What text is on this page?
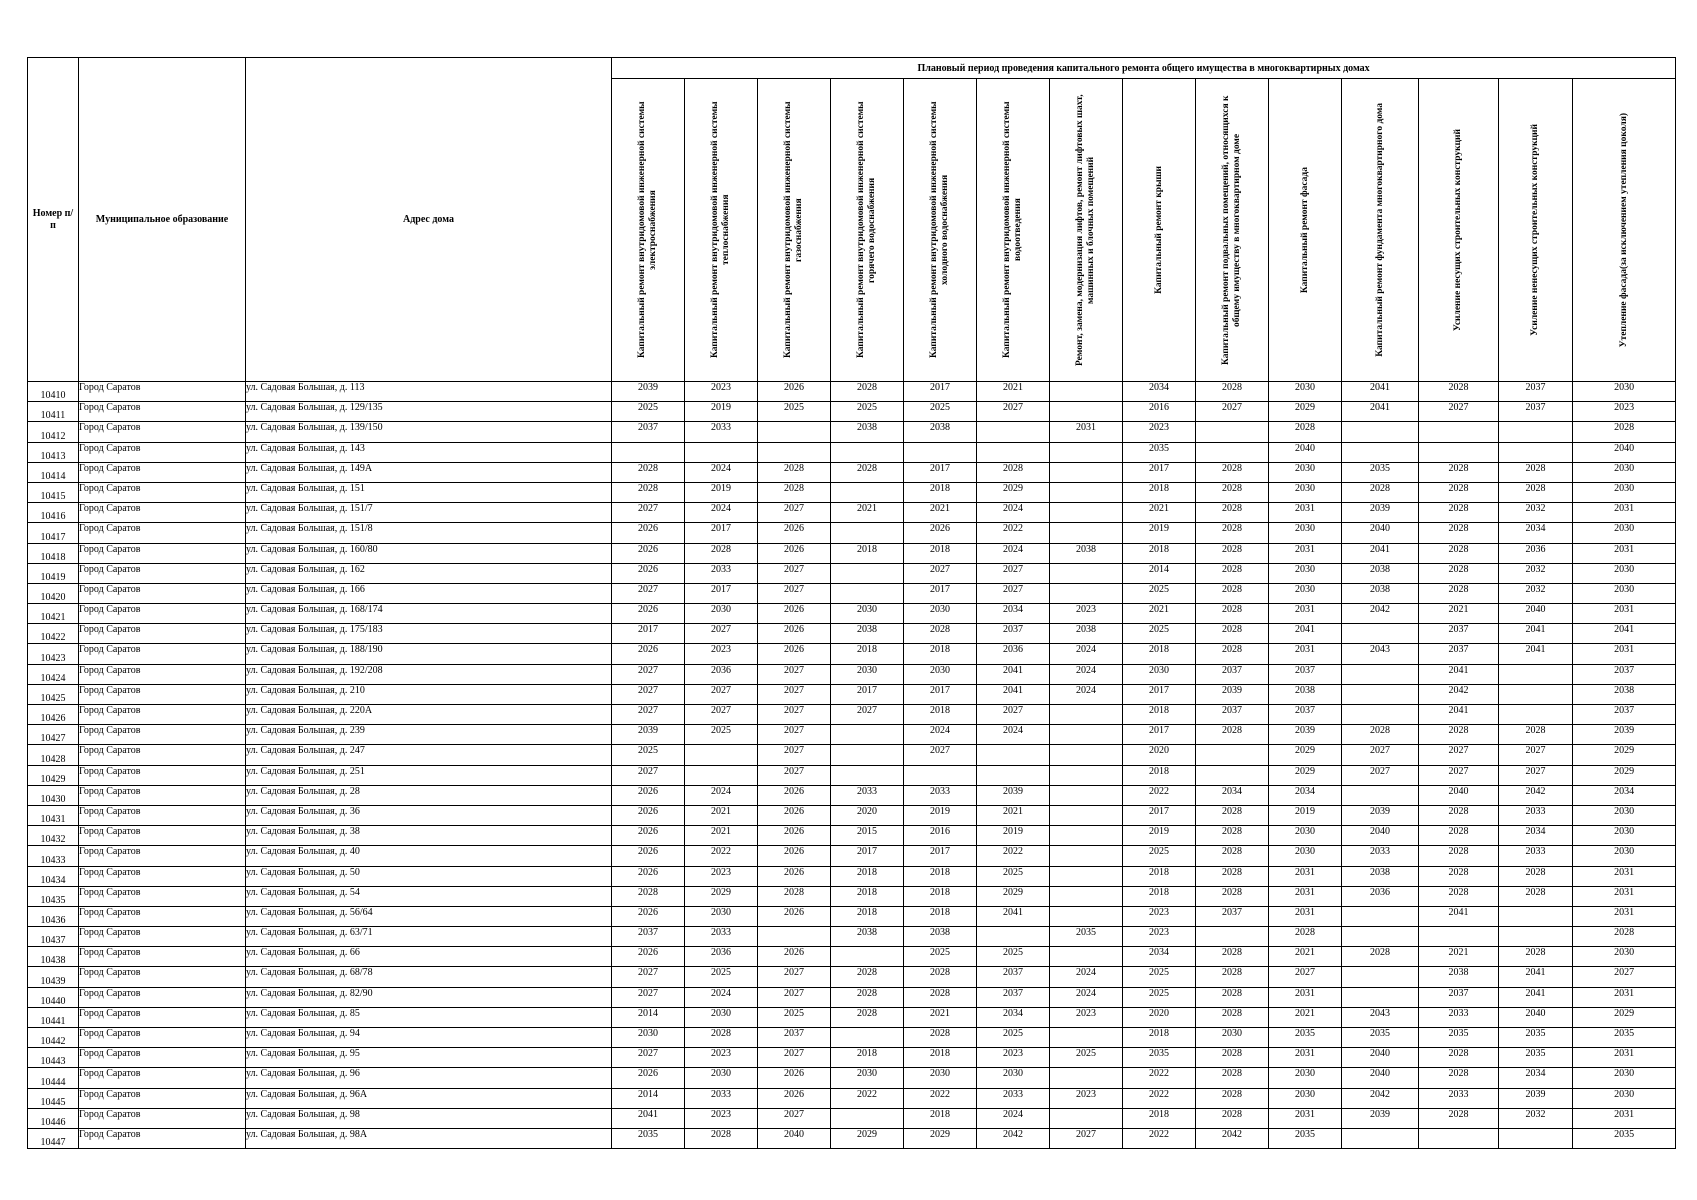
Номер п/п	Муниципальное образование	Адрес дома	Плановый период проведения капитального ремонта общего имущества в многоквартирных домах													

			Капитальный ремонт внутридомовой инженерной системы электроснабжения	Капитальный ремонт внутридомовой инженерной системы теплоснабжения	Капитальный ремонт внутридомовой инженерной системы газоснабжения	Капитальный ремонт внутридомовой инженерной системы горячего водоснабжения	Капитальный ремонт внутридомовой инженерной системы холодного водоснабжения	Капитальный ремонт внутридомовой инженерной системы водоотведения	Ремонт, замена, модернизация лифтов, ремонт лифтовых шахт, машинных и блочных помещений	Капитальный ремонт крыши	Капитальный ремонт подвальных помещений, относящихся к общему имуществу в многоквартирном доме	Капитальный ремонт фасада	Капитальный ремонт фундамента многоквартирного дома	Усиление несущих строительных конструкций	Усиление ненесущих строительных конструкций	Утепление фасада(за исключением утепления цоколя)

10410	Город Саратов	ул. Садовая Большая, д. 113	2039	2023	2026	2028	2017	2021		2034	2028	2030	2041	2028	2037	2030
10411	Город Саратов	ул. Садовая Большая, д. 129/135	2025	2019	2025	2025	2025	2027		2016	2027	2029	2041	2027	2037	2023
10412	Город Саратов	ул. Садовая Большая, д. 139/150	2037	2033		2038	2038		2031	2023		2028				2028
10413	Город Саратов	ул. Садовая Большая, д. 143								2035		2040				2040
10414	Город Саратов	ул. Садовая Большая, д. 149А	2028	2024	2028	2028	2017	2028		2017	2028	2030	2035	2028	2028	2030
10415	Город Саратов	ул. Садовая Большая, д. 151	2028	2019	2028		2018	2029		2018	2028	2030	2028	2028	2028	2030
10416	Город Саратов	ул. Садовая Большая, д. 151/7	2027	2024	2027	2021	2021	2024		2021	2028	2031	2039	2028	2032	2031
10417	Город Саратов	ул. Садовая Большая, д. 151/8	2026	2017	2026		2026	2022		2019	2028	2030	2040	2028	2034	2030
10418	Город Саратов	ул. Садовая Большая, д. 160/80	2026	2028	2026	2018	2018	2024	2038	2018	2028	2031	2041	2028	2036	2031
10419	Город Саратов	ул. Садовая Большая, д. 162	2026	2033	2027		2027	2027		2014	2028	2030	2038	2028	2032	2030
10420	Город Саратов	ул. Садовая Большая, д. 166	2027	2017	2027		2017	2027		2025	2028	2030	2038	2028	2032	2030
10421	Город Саратов	ул. Садовая Большая, д. 168/174	2026	2030	2026	2030	2030	2034	2023	2021	2028	2031	2042	2021	2040	2031
10422	Город Саратов	ул. Садовая Большая, д. 175/183	2017	2027	2026	2038	2028	2037	2038	2025	2028	2041		2037	2041	2041
10423	Город Саратов	ул. Садовая Большая, д. 188/190	2026	2023	2026	2018	2018	2036	2024	2018	2028	2031	2043	2037	2041	2031
10424	Город Саратов	ул. Садовая Большая, д. 192/208	2027	2036	2027	2030	2030	2041	2024	2030	2037	2037		2041		2037
10425	Город Саратов	ул. Садовая Большая, д. 210	2027	2027	2027	2017	2017	2041	2024	2017	2039	2038		2042		2038
10426	Город Саратов	ул. Садовая Большая, д. 220А	2027	2027	2027	2027	2018	2027		2018	2037	2037		2041		2037
10427	Город Саратов	ул. Садовая Большая, д. 239	2039	2025	2027		2024	2024		2017	2028	2039	2028	2028	2028	2039
10428	Город Саратов	ул. Садовая Большая, д. 247	2025		2027		2027			2020		2029	2027	2027	2027	2029
10429	Город Саратов	ул. Садовая Большая, д. 251	2027		2027					2018		2029	2027	2027	2027	2029
10430	Город Саратов	ул. Садовая Большая, д. 28	2026	2024	2026	2033	2033	2039		2022	2034	2034		2040	2042	2034
10431	Город Саратов	ул. Садовая Большая, д. 36	2026	2021	2026	2020	2019	2021		2017	2028	2019	2039	2028	2033	2030
10432	Город Саратов	ул. Садовая Большая, д. 38	2026	2021	2026	2015	2016	2019		2019	2028	2030	2040	2028	2034	2030
10433	Город Саратов	ул. Садовая Большая, д. 40	2026	2022	2026	2017	2017	2022		2025	2028	2030	2033	2028	2033	2030
10434	Город Саратов	ул. Садовая Большая, д. 50	2026	2023	2026	2018	2018	2025		2018	2028	2031	2038	2028	2028	2031
10435	Город Саратов	ул. Садовая Большая, д. 54	2028	2029	2028	2018	2018	2029		2018	2028	2031	2036	2028	2028	2031
10436	Город Саратов	ул. Садовая Большая, д. 56/64	2026	2030	2026	2018	2018	2041		2023	2037	2031		2041		2031
10437	Город Саратов	ул. Садовая Большая, д. 63/71	2037	2033		2038	2038		2035	2023		2028				2028
10438	Город Саратов	ул. Садовая Большая, д. 66	2026	2036	2026		2025	2025		2034	2028	2021	2028	2021	2028	2030
10439	Город Саратов	ул. Садовая Большая, д. 68/78	2027	2025	2027	2028	2028	2037	2024	2025	2028	2027		2038	2041	2027
10440	Город Саратов	ул. Садовая Большая, д. 82/90	2027	2024	2027	2028	2028	2037	2024	2025	2028	2031		2037	2041	2031
10441	Город Саратов	ул. Садовая Большая, д. 85	2014	2030	2025	2028	2021	2034	2023	2020	2028	2021	2043	2033	2040	2029
10442	Город Саратов	ул. Садовая Большая, д. 94	2030	2028	2037		2028	2025		2018	2030	2035	2035	2035	2035	2035
10443	Город Саратов	ул. Садовая Большая, д. 95	2027	2023	2027	2018	2018	2023	2025	2035	2028	2031	2040	2028	2035	2031
10444	Город Саратов	ул. Садовая Большая, д. 96	2026	2030	2026	2030	2030	2030		2022	2028	2030	2040	2028	2034	2030
10445	Город Саратов	ул. Садовая Большая, д. 96А	2014	2033	2026	2022	2022	2033	2023	2022	2028	2030	2042	2033	2039	2030
10446	Город Саратов	ул. Садовая Большая, д. 98	2041	2023	2027		2018	2024		2018	2028	2031	2039	2028	2032	2031
10447	Город Саратов	ул. Садовая Большая, д. 98А	2035	2028	2040	2029	2029	2042	2027	2022	2042	2035				2035
